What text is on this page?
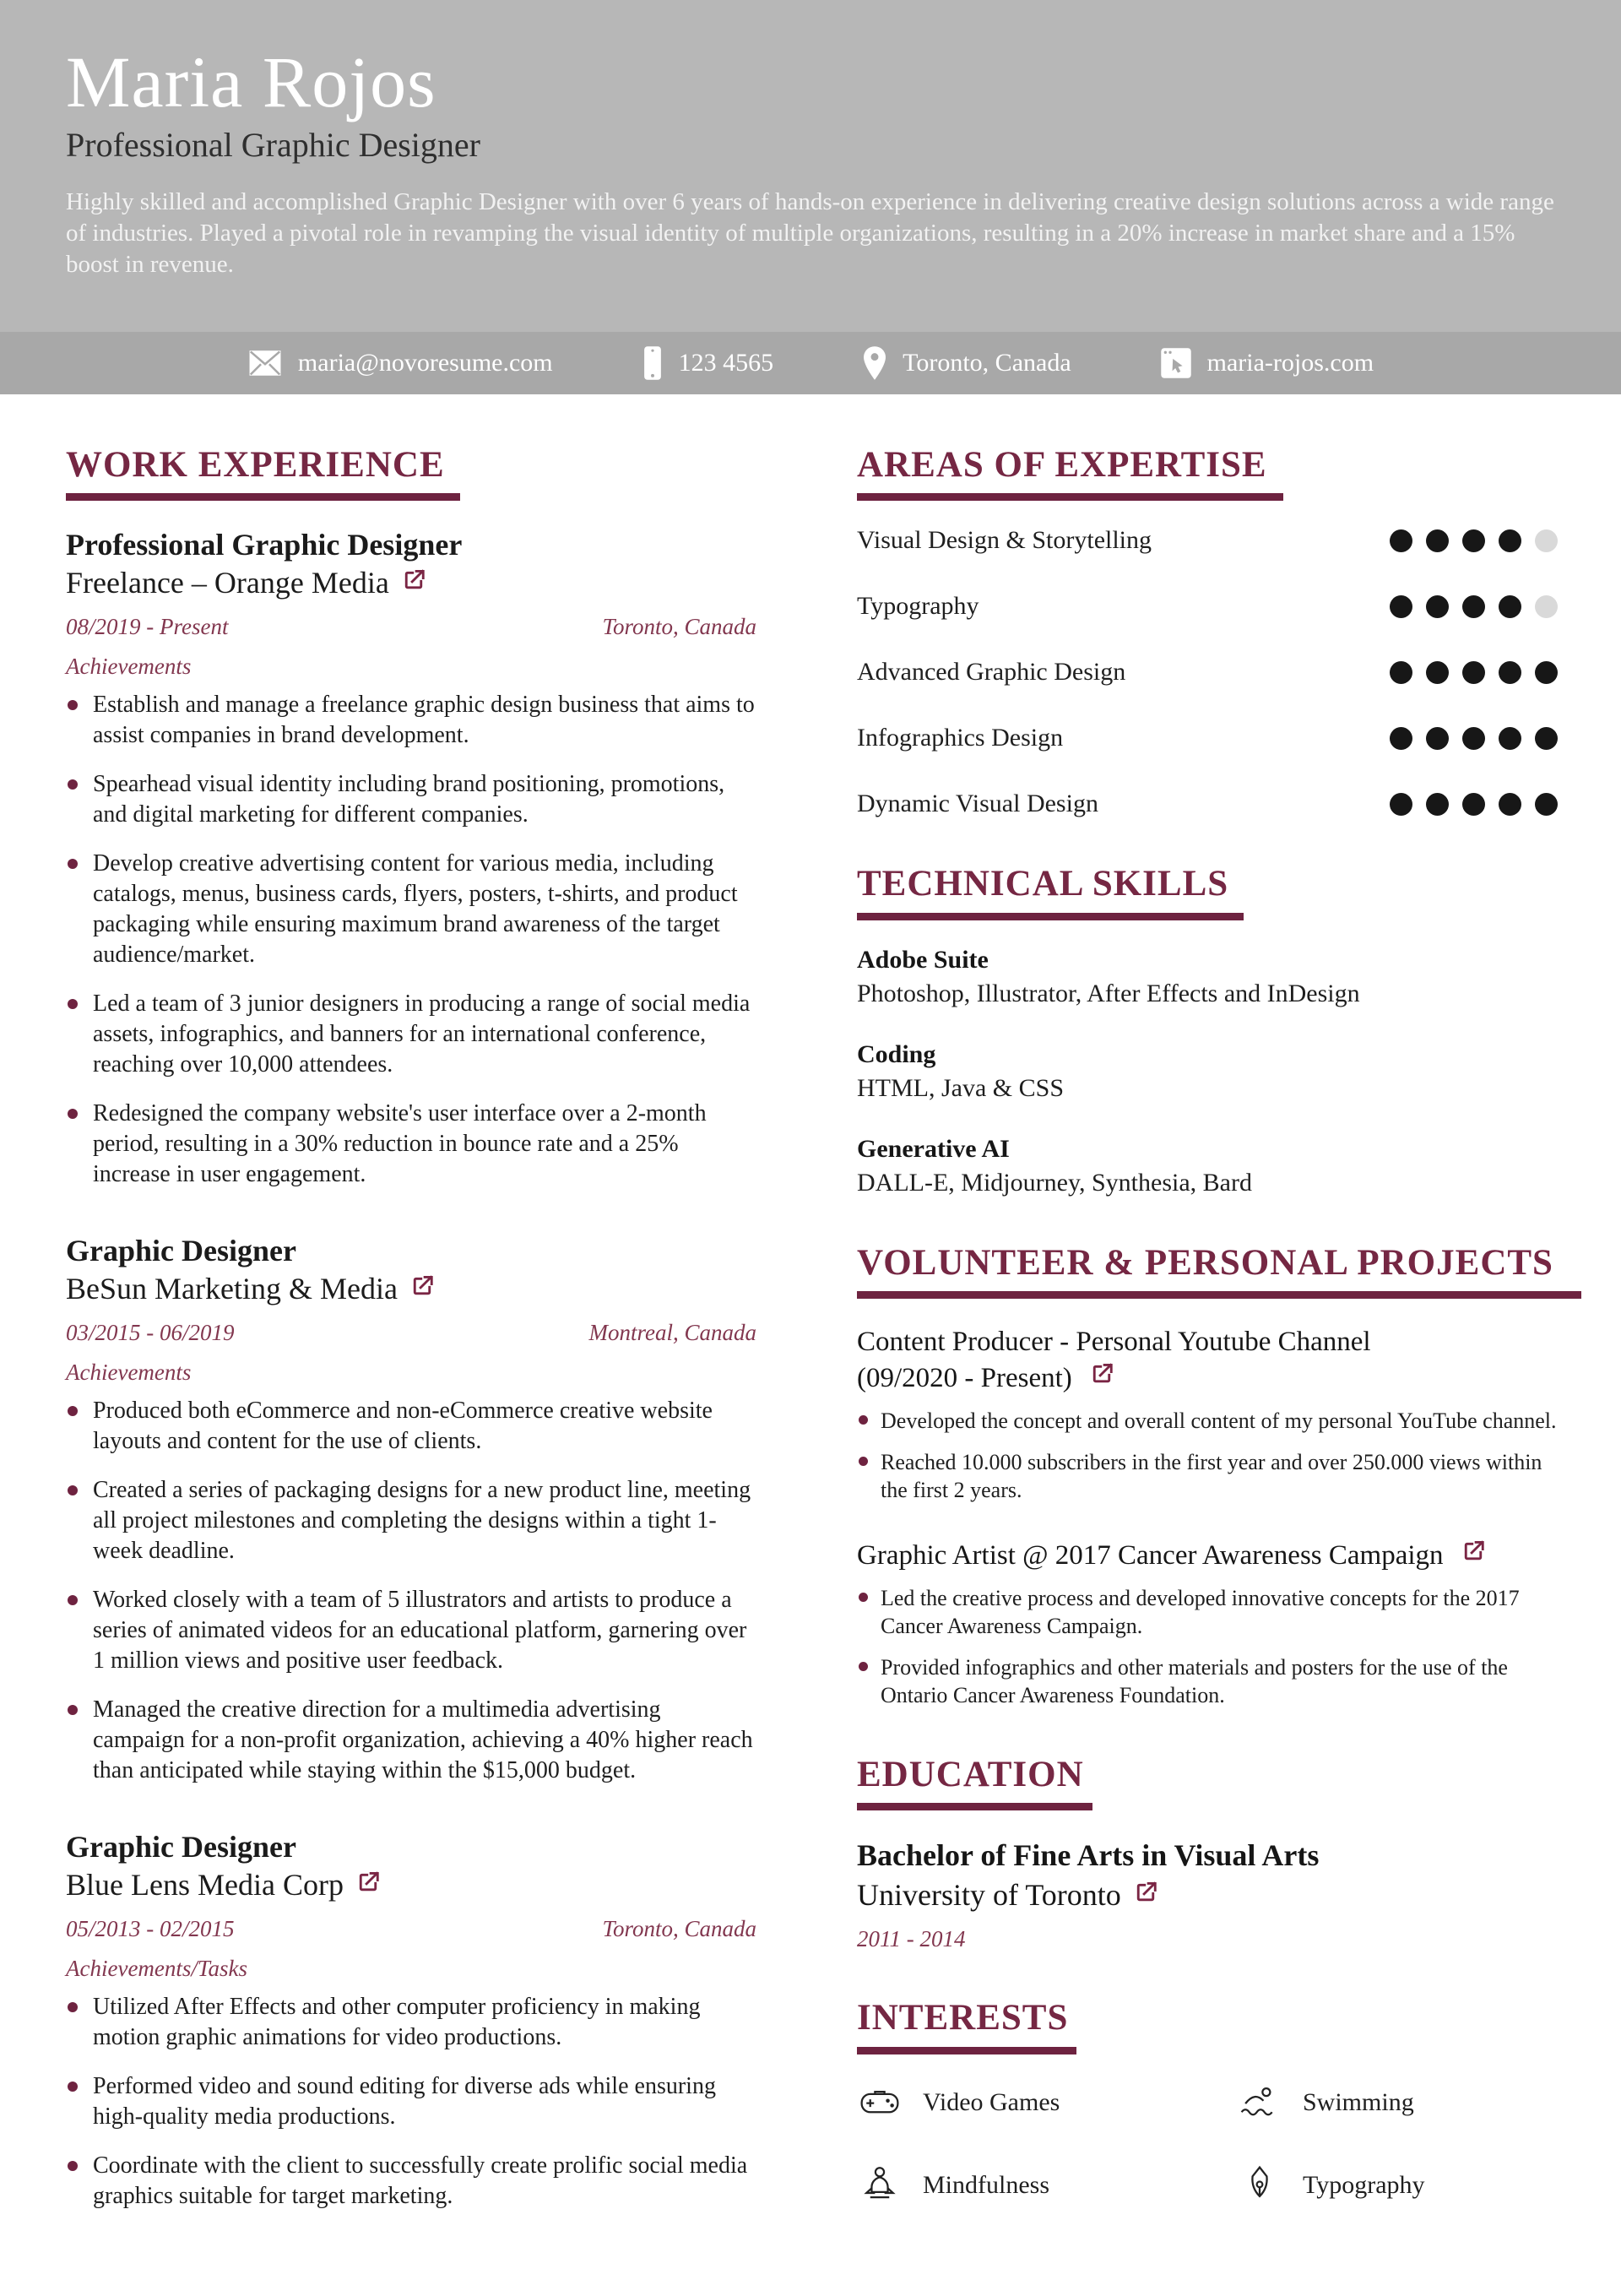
Maria Rojos
Professional Graphic Designer
Highly skilled and accomplished Graphic Designer with over 6 years of hands-on experience in delivering creative design solutions across a wide range of industries. Played a pivotal role in revamping the visual identity of multiple organizations, resulting in a 20% increase in market share and a 15% boost in revenue.
maria@novoresume.com	123 4565	Toronto, Canada	maria-rojos.com
WORK EXPERIENCE
Professional Graphic Designer
Freelance – Orange Media
08/2019 - Present	Toronto, Canada
Achievements
Establish and manage a freelance graphic design business that aims to assist companies in brand development.
Spearhead visual identity including brand positioning, promotions, and digital marketing for different companies.
Develop creative advertising content for various media, including catalogs, menus, business cards, flyers, posters, t-shirts, and product packaging while ensuring maximum brand awareness of the target audience/market.
Led a team of 3 junior designers in producing a range of social media assets, infographics, and banners for an international conference, reaching over 10,000 attendees.
Redesigned the company website's user interface over a 2-month period, resulting in a 30% reduction in bounce rate and a 25% increase in user engagement.
Graphic Designer
BeSun Marketing & Media
03/2015 - 06/2019	Montreal, Canada
Achievements
Produced both eCommerce and non-eCommerce creative website layouts and content for the use of clients.
Created a series of packaging designs for a new product line, meeting all project milestones and completing the designs within a tight 1-week deadline.
Worked closely with a team of 5 illustrators and artists to produce a series of animated videos for an educational platform, garnering over 1 million views and positive user feedback.
Managed the creative direction for a multimedia advertising campaign for a non-profit organization, achieving a 40% higher reach than anticipated while staying within the $15,000 budget.
Graphic Designer
Blue Lens Media Corp
05/2013 - 02/2015	Toronto, Canada
Achievements/Tasks
Utilized After Effects and other computer proficiency in making motion graphic animations for video productions.
Performed video and sound editing for diverse ads while ensuring high-quality media productions.
Coordinate with the client to successfully create prolific social media graphics suitable for target marketing.
AREAS OF EXPERTISE
Visual Design & Storytelling
Typography
Advanced Graphic Design
Infographics Design
Dynamic Visual Design
TECHNICAL SKILLS
Adobe Suite
Photoshop, Illustrator, After Effects and InDesign
Coding
HTML, Java & CSS
Generative AI
DALL-E, Midjourney, Synthesia, Bard
VOLUNTEER & PERSONAL PROJECTS
Content Producer - Personal Youtube Channel
(09/2020 - Present)
Developed the concept and overall content of my personal YouTube channel.
Reached 10.000 subscribers in the first year and over 250.000 views within the first 2 years.
Graphic Artist @ 2017 Cancer Awareness Campaign
Led the creative process and developed innovative concepts for the 2017 Cancer Awareness Campaign.
Provided infographics and other materials and posters for the use of the Ontario Cancer Awareness Foundation.
EDUCATION
Bachelor of Fine Arts in Visual Arts
University of Toronto
2011 - 2014
INTERESTS
Video Games	Swimming
Mindfulness	Typography
